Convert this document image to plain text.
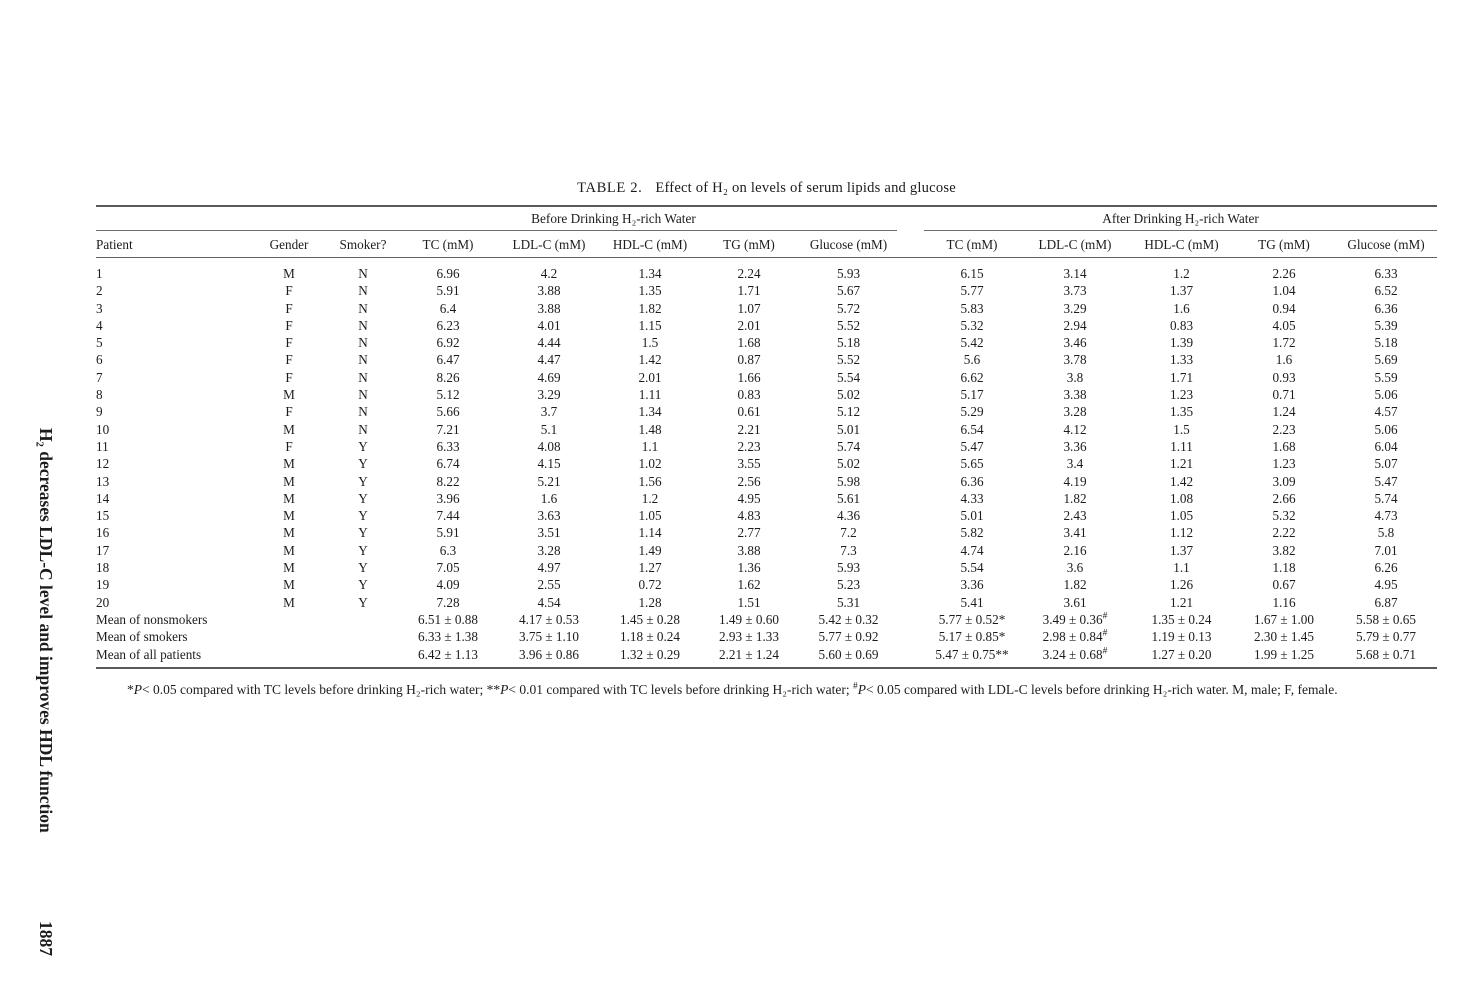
H₂ decreases LDL-C level and improves HDL function
1887
TABLE 2. Effect of H₂ on levels of serum lipids and glucose
			Before Drinking H₂-rich Water						After Drinking H₂-rich Water				
Patient	Gender	Smoker?	TC (mM)	LDL-C (mM)	HDL-C (mM)	TG (mM)	Glucose (mM)		TC (mM)	LDL-C (mM)	HDL-C (mM)	TG (mM)	Glucose (mM)
1	M	N	6.96	4.2	1.34	2.24	5.93		6.15	3.14	1.2	2.26	6.33
2	F	N	5.91	3.88	1.35	1.71	5.67		5.77	3.73	1.37	1.04	6.52
3	F	N	6.4	3.88	1.82	1.07	5.72		5.83	3.29	1.6	0.94	6.36
4	F	N	6.23	4.01	1.15	2.01	5.52		5.32	2.94	0.83	4.05	5.39
5	F	N	6.92	4.44	1.5	1.68	5.18		5.42	3.46	1.39	1.72	5.18
6	F	N	6.47	4.47	1.42	0.87	5.52		5.6	3.78	1.33	1.6	5.69
7	F	N	8.26	4.69	2.01	1.66	5.54		6.62	3.8	1.71	0.93	5.59
8	M	N	5.12	3.29	1.11	0.83	5.02		5.17	3.38	1.23	0.71	5.06
9	F	N	5.66	3.7	1.34	0.61	5.12		5.29	3.28	1.35	1.24	4.57
10	M	N	7.21	5.1	1.48	2.21	5.01		6.54	4.12	1.5	2.23	5.06
11	F	Y	6.33	4.08	1.1	2.23	5.74		5.47	3.36	1.11	1.68	6.04
12	M	Y	6.74	4.15	1.02	3.55	5.02		5.65	3.4	1.21	1.23	5.07
13	M	Y	8.22	5.21	1.56	2.56	5.98		6.36	4.19	1.42	3.09	5.47
14	M	Y	3.96	1.6	1.2	4.95	5.61		4.33	1.82	1.08	2.66	5.74
15	M	Y	7.44	3.63	1.05	4.83	4.36		5.01	2.43	1.05	5.32	4.73
16	M	Y	5.91	3.51	1.14	2.77	7.2		5.82	3.41	1.12	2.22	5.8
17	M	Y	6.3	3.28	1.49	3.88	7.3		4.74	2.16	1.37	3.82	7.01
18	M	Y	7.05	4.97	1.27	1.36	5.93		5.54	3.6	1.1	1.18	6.26
19	M	Y	4.09	2.55	0.72	1.62	5.23		3.36	1.82	1.26	0.67	4.95
20	M	Y	7.28	4.54	1.28	1.51	5.31		5.41	3.61	1.21	1.16	6.87
Mean of nonsmokers			6.51 ± 0.88	4.17 ± 0.53	1.45 ± 0.28	1.49 ± 0.60	5.42 ± 0.32		5.77 ± 0.52*	3.49 ± 0.36#	1.35 ± 0.24	1.67 ± 1.00	5.58 ± 0.65
Mean of smokers			6.33 ± 1.38	3.75 ± 1.10	1.18 ± 0.24	2.93 ± 1.33	5.77 ± 0.92		5.17 ± 0.85*	2.98 ± 0.84#	1.19 ± 0.13	2.30 ± 1.45	5.79 ± 0.77
Mean of all patients			6.42 ± 1.13	3.96 ± 0.86	1.32 ± 0.29	2.21 ± 1.24	5.60 ± 0.69		5.47 ± 0.75**	3.24 ± 0.68#	1.27 ± 0.20	1.99 ± 1.25	5.68 ± 0.71
*P< 0.05 compared with TC levels before drinking H₂-rich water; **P< 0.01 compared with TC levels before drinking H₂-rich water; #P< 0.05 compared with LDL-C levels before drinking H₂-rich water. M, male; F, female.
